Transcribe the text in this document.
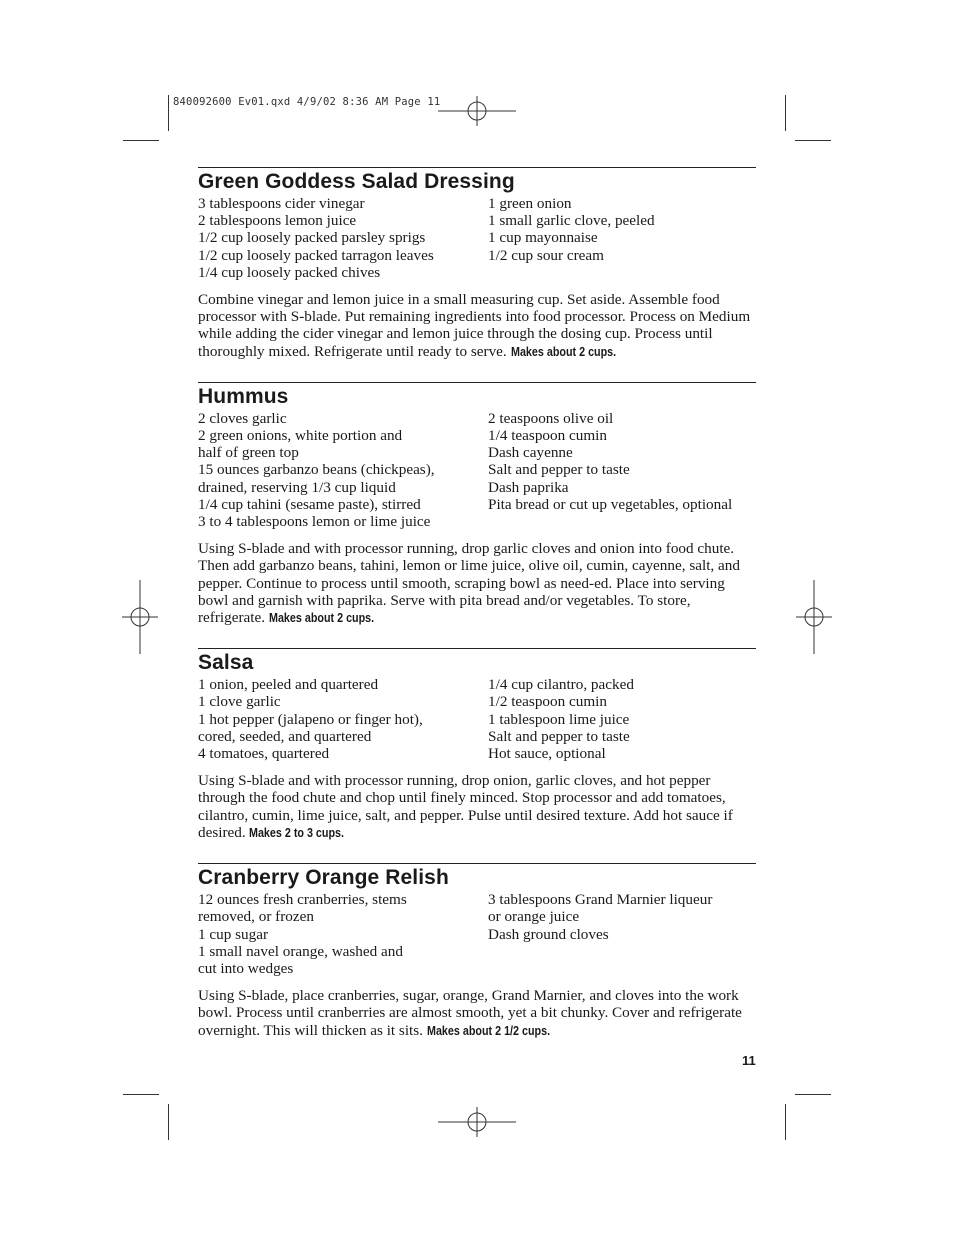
840092600 Ev01.qxd 4/9/02 8:36 AM Page 11
Green Goddess Salad Dressing
3 tablespoons cider vinegar
2 tablespoons lemon juice
1/2 cup loosely packed parsley sprigs
1/2 cup loosely packed tarragon leaves
1/4 cup loosely packed chives
1 green onion
1 small garlic clove, peeled
1 cup mayonnaise
1/2 cup sour cream

Combine vinegar and lemon juice in a small measuring cup. Set aside. Assemble food processor with S-blade. Put remaining ingredients into food processor. Process on Medium while adding the cider vinegar and lemon juice through the dosing cup. Process until thoroughly mixed. Refrigerate until ready to serve. Makes about 2 cups.

Hummus
2 cloves garlic
2 green onions, white portion and
half of green top
15 ounces garbanzo beans (chickpeas),
drained, reserving 1/3 cup liquid
1/4 cup tahini (sesame paste), stirred
3 to 4 tablespoons lemon or lime juice
2 teaspoons olive oil
1/4 teaspoon cumin
Dash cayenne
Salt and pepper to taste
Dash paprika
Pita bread or cut up vegetables, optional

Using S-blade and with processor running, drop garlic cloves and onion into food chute. Then add garbanzo beans, tahini, lemon or lime juice, olive oil, cumin, cayenne, salt, and pepper. Continue to process until smooth, scraping bowl as need-ed. Place into serving bowl and garnish with paprika. Serve with pita bread and/or vegetables. To store, refrigerate. Makes about 2 cups.

Salsa
1 onion, peeled and quartered
1 clove garlic
1 hot pepper (jalapeno or finger hot),
cored, seeded, and quartered
4 tomatoes, quartered
1/4 cup cilantro, packed
1/2 teaspoon cumin
1 tablespoon lime juice
Salt and pepper to taste
Hot sauce, optional

Using S-blade and with processor running, drop onion, garlic cloves, and hot pepper through the food chute and chop until finely minced. Stop processor and add tomatoes, cilantro, cumin, lime juice, salt, and pepper. Pulse until desired texture. Add hot sauce if desired. Makes 2 to 3 cups.

Cranberry Orange Relish
12 ounces fresh cranberries, stems
removed, or frozen
1 cup sugar
1 small navel orange, washed and
cut into wedges
3 tablespoons Grand Marnier liqueur
or orange juice
Dash ground cloves

Using S-blade, place cranberries, sugar, orange, Grand Marnier, and cloves into the work bowl. Process until cranberries are almost smooth, yet a bit chunky. Cover and refrigerate overnight. This will thicken as it sits. Makes about 2 1/2 cups.

11
